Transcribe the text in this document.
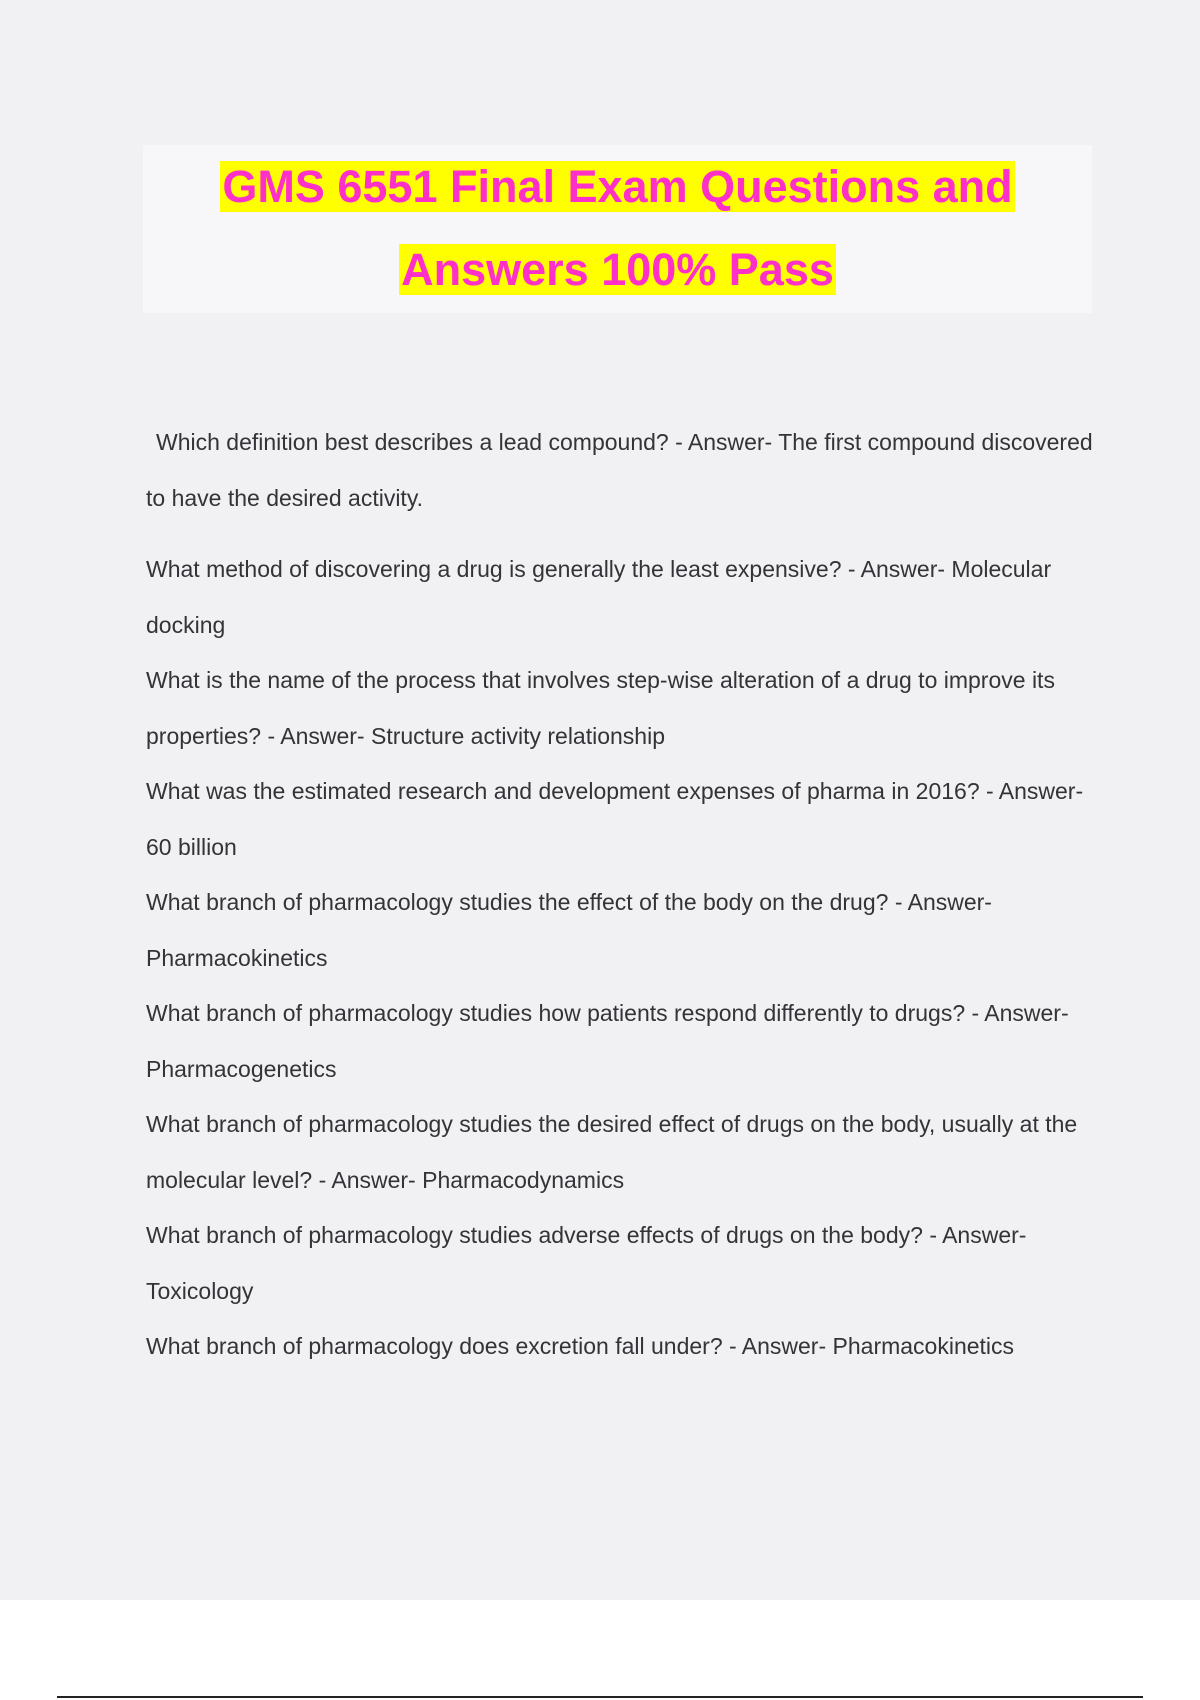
GMS 6551 Final Exam Questions and
Answers 100% Pass

Which definition best describes a lead compound? - Answer- The first compound discovered to have the desired activity.

What method of discovering a drug is generally the least expensive? - Answer- Molecular docking

What is the name of the process that involves step-wise alteration of a drug to improve its properties? - Answer- Structure activity relationship

What was the estimated research and development expenses of pharma in 2016? - Answer- 60 billion

What branch of pharmacology studies the effect of the body on the drug? - Answer- Pharmacokinetics

What branch of pharmacology studies how patients respond differently to drugs? - Answer- Pharmacogenetics

What branch of pharmacology studies the desired effect of drugs on the body, usually at the molecular level? - Answer- Pharmacodynamics

What branch of pharmacology studies adverse effects of drugs on the body? - Answer- Toxicology

What branch of pharmacology does excretion fall under? - Answer- Pharmacokinetics
